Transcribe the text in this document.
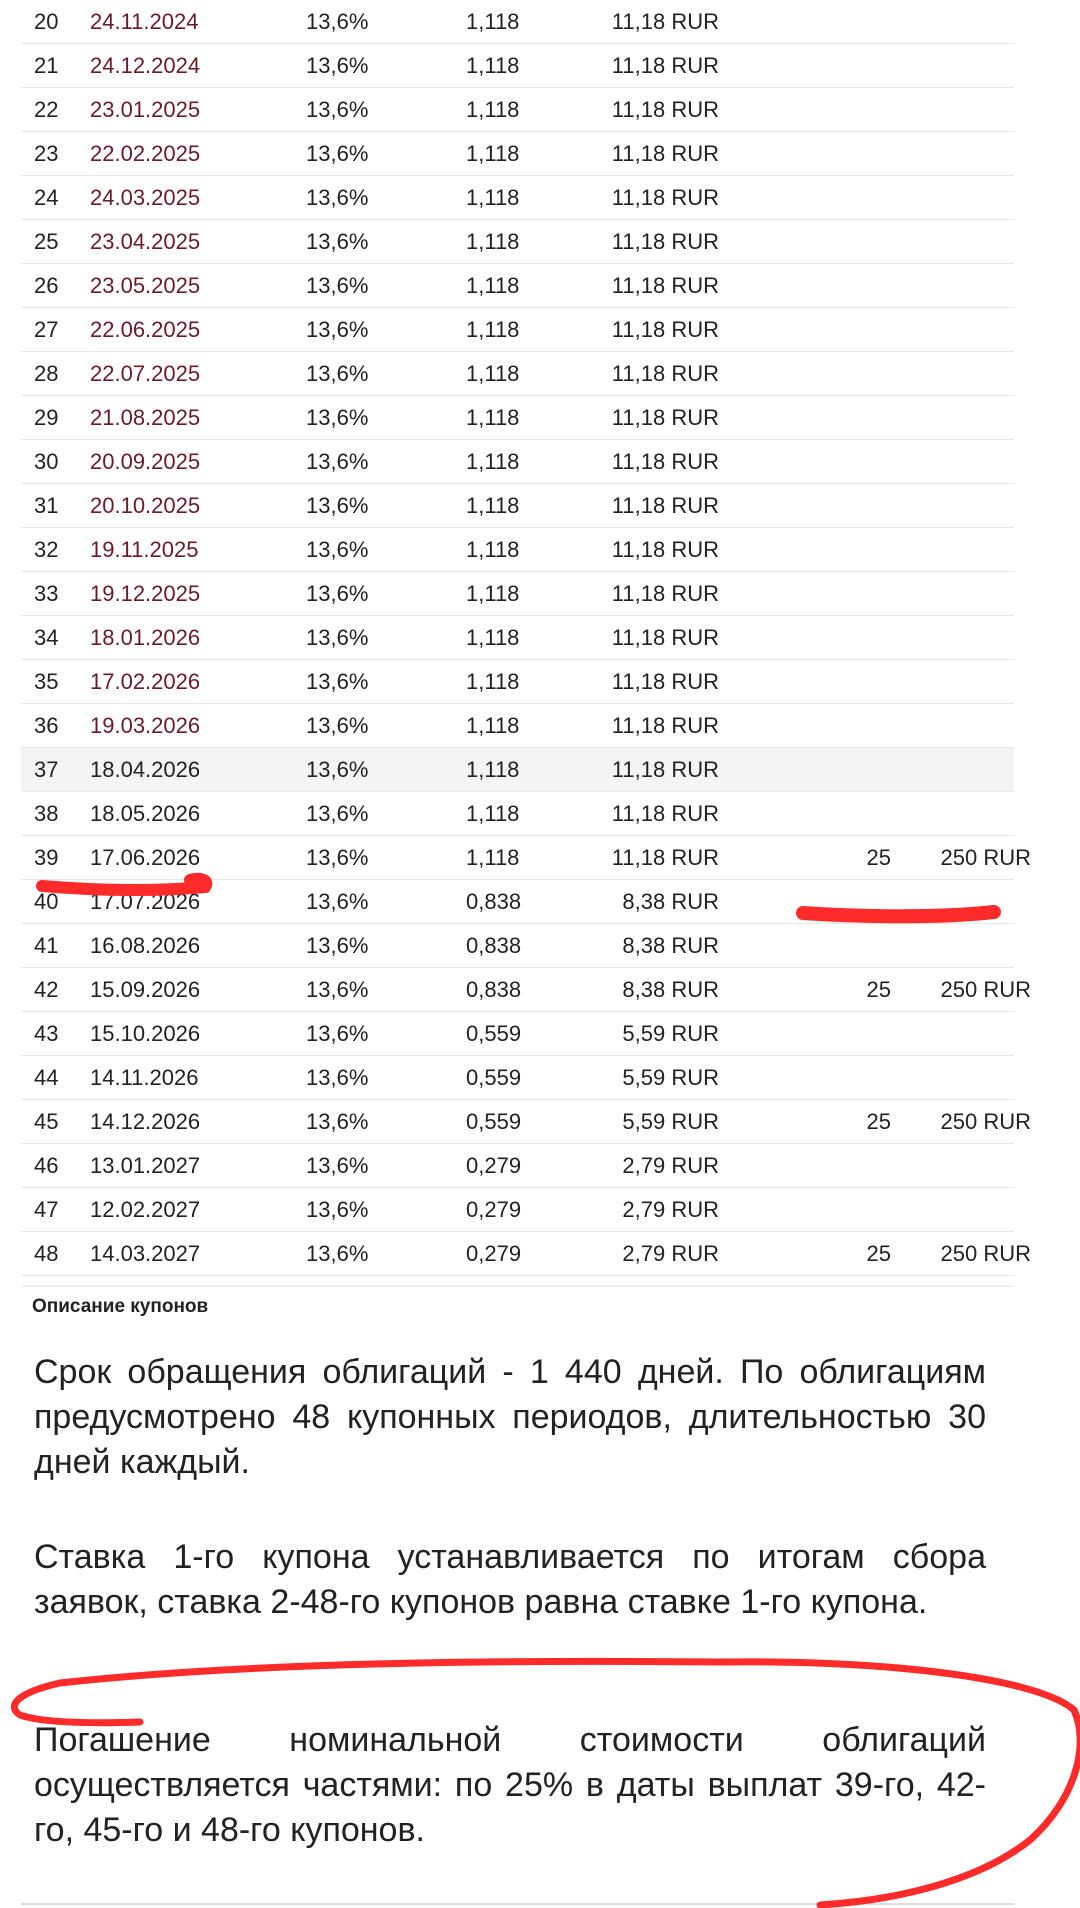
20	24.11.2024	13,6%	1,118	11,18 RUR
21	24.12.2024	13,6%	1,118	11,18 RUR
22	23.01.2025	13,6%	1,118	11,18 RUR
23	22.02.2025	13,6%	1,118	11,18 RUR
24	24.03.2025	13,6%	1,118	11,18 RUR
25	23.04.2025	13,6%	1,118	11,18 RUR
26	23.05.2025	13,6%	1,118	11,18 RUR
27	22.06.2025	13,6%	1,118	11,18 RUR
28	22.07.2025	13,6%	1,118	11,18 RUR
29	21.08.2025	13,6%	1,118	11,18 RUR
30	20.09.2025	13,6%	1,118	11,18 RUR
31	20.10.2025	13,6%	1,118	11,18 RUR
32	19.11.2025	13,6%	1,118	11,18 RUR
33	19.12.2025	13,6%	1,118	11,18 RUR
34	18.01.2026	13,6%	1,118	11,18 RUR
35	17.02.2026	13,6%	1,118	11,18 RUR
36	19.03.2026	13,6%	1,118	11,18 RUR
37	18.04.2026	13,6%	1,118	11,18 RUR
38	18.05.2026	13,6%	1,118	11,18 RUR
39	17.06.2026	13,6%	1,118	11,18 RUR	25	250 RUR
40	17.07.2026	13,6%	0,838	8,38 RUR
41	16.08.2026	13,6%	0,838	8,38 RUR
42	15.09.2026	13,6%	0,838	8,38 RUR	25	250 RUR
43	15.10.2026	13,6%	0,559	5,59 RUR
44	14.11.2026	13,6%	0,559	5,59 RUR
45	14.12.2026	13,6%	0,559	5,59 RUR	25	250 RUR
46	13.01.2027	13,6%	0,279	2,79 RUR
47	12.02.2027	13,6%	0,279	2,79 RUR
48	14.03.2027	13,6%	0,279	2,79 RUR	25	250 RUR
Описание купонов
Срок обращения облигаций - 1 440 дней. По облигациям предусмотрено 48 купонных периодов, длительностью 30 дней каждый.
Ставка 1-го купона устанавливается по итогам сбора заявок, ставка 2-48-го купонов равна ставке 1-го купона.
Погашение номинальной стоимости облигаций осуществляется частями: по 25% в даты выплат 39-го, 42-го, 45-го и 48-го купонов.
